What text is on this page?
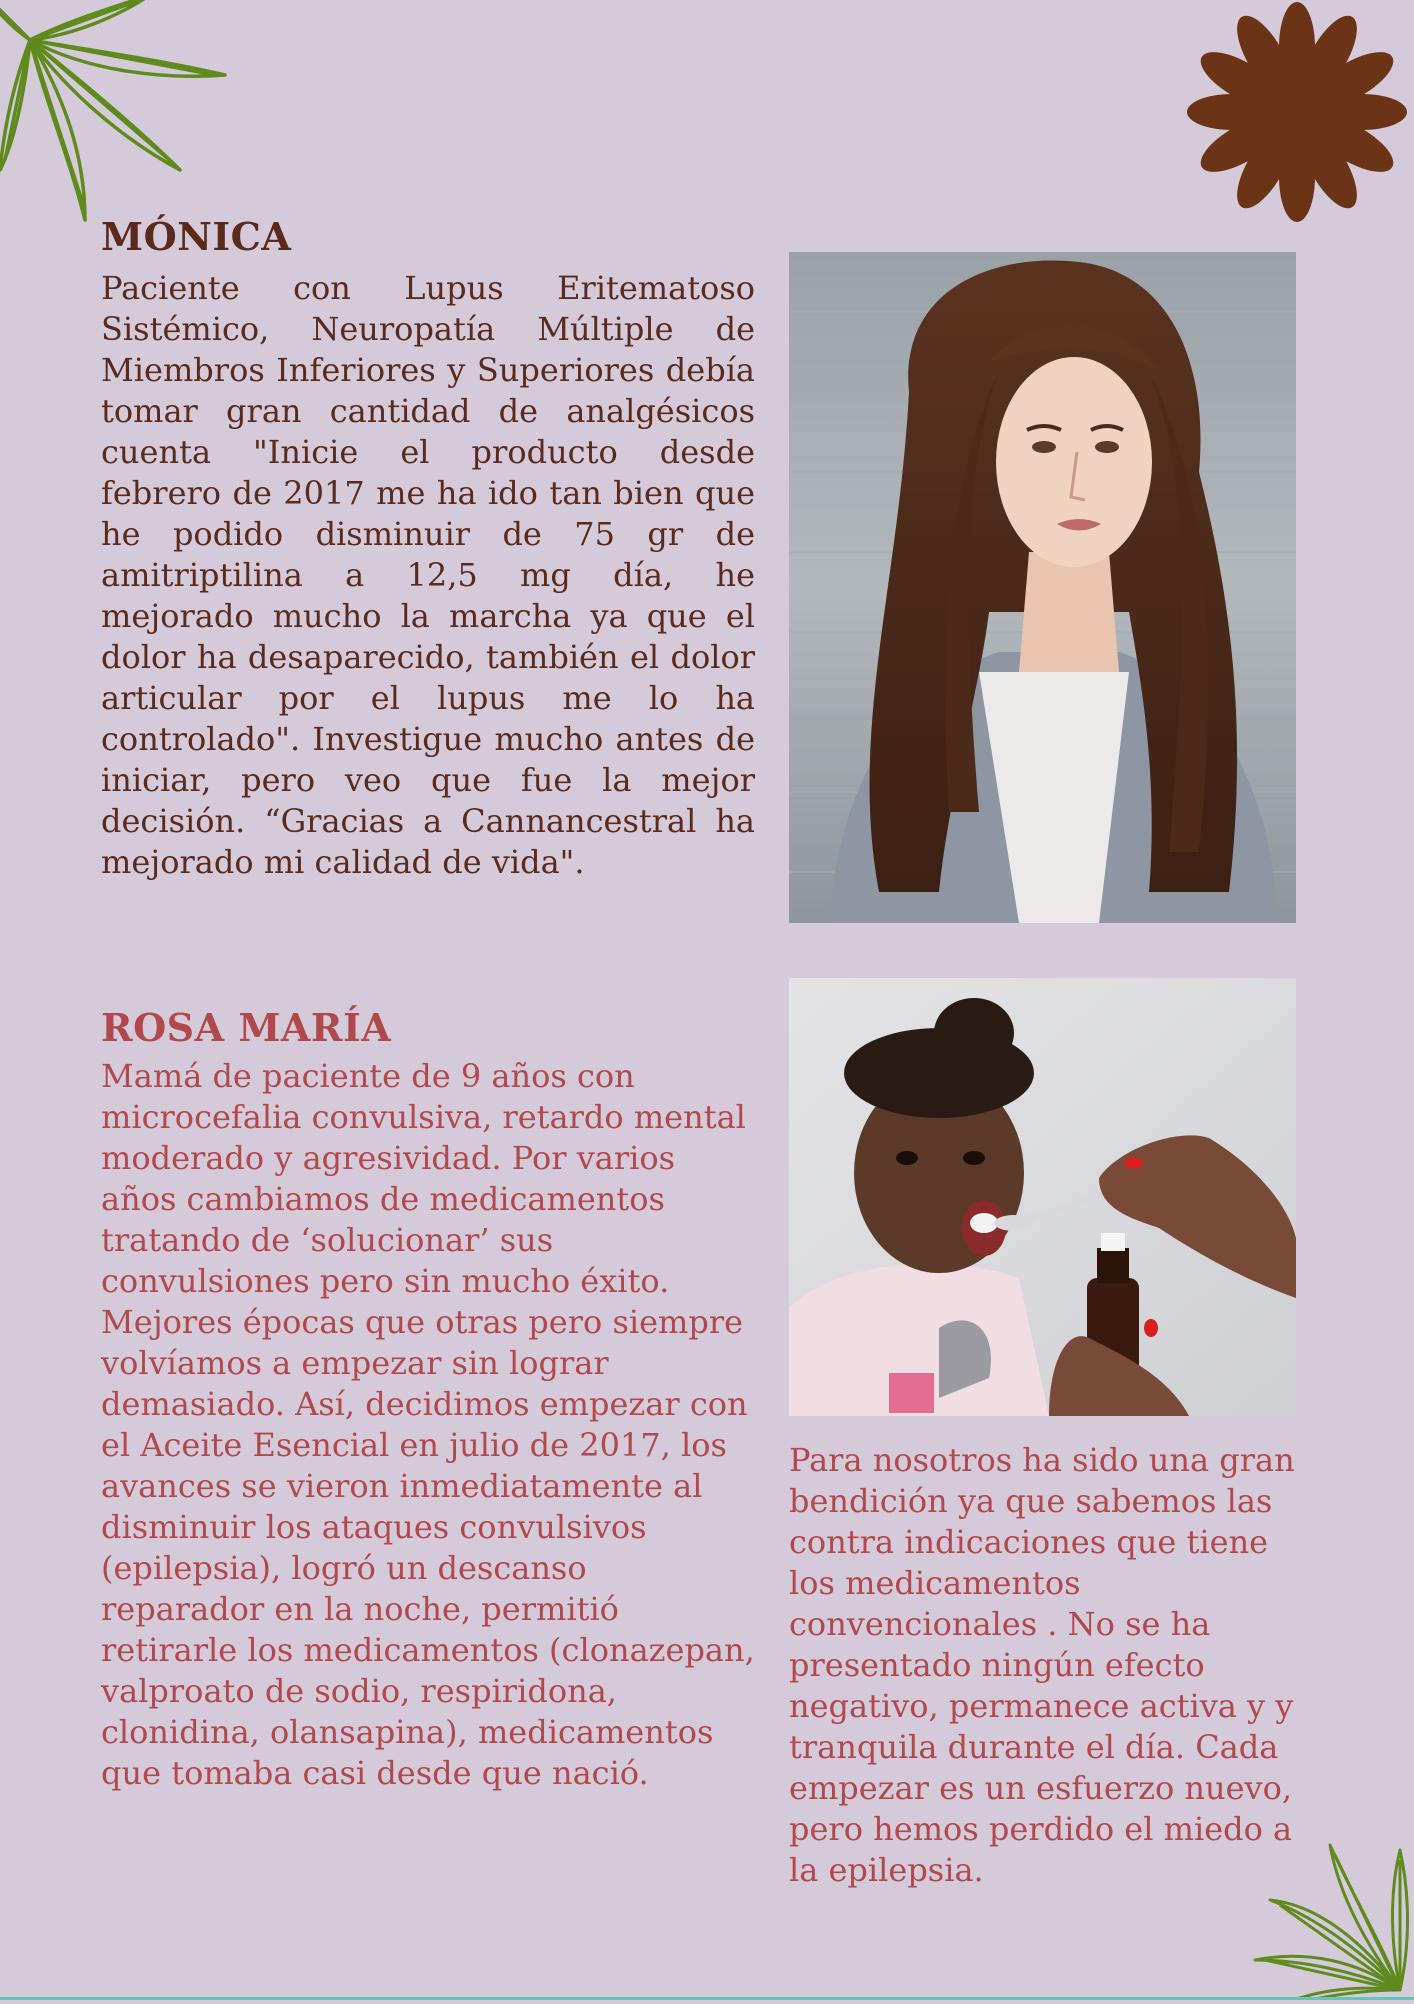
MÓNICA

Paciente con Lupus Eritematoso Sistémico, Neuropatía Múltiple de Miembros Inferiores y Superiores debía tomar gran cantidad de analgésicos cuenta "Inicie el producto desde febrero de 2017 me ha ido tan bien que he podido disminuir de 75 gr de amitriptilina a 12,5 mg día, he mejorado mucho la marcha ya que el dolor ha desaparecido, también el dolor articular por el lupus me lo ha controlado". Investigue mucho antes de iniciar, pero veo que fue la mejor decisión. “Gracias a Cannancestral ha mejorado mi calidad de vida".

ROSA MARÍA

Mamá de paciente de 9 años con microcefalia convulsiva, retardo mental moderado y agresividad. Por varios años cambiamos de medicamentos tratando de ‘solucionar’ sus convulsiones pero sin mucho éxito. Mejores épocas que otras pero siempre volvíamos a empezar sin lograr demasiado. Así, decidimos empezar con el Aceite Esencial en julio de 2017, los avances se vieron inmediatamente al disminuir los ataques convulsivos (epilepsia), logró un descanso reparador en la noche, permitió retirarle los medicamentos (clonazepan, valproato de sodio, respiridona, clonidina, olansapina), medicamentos que tomaba casi desde que nació.

Para nosotros ha sido una gran bendición ya que sabemos las contra indicaciones que tiene los medicamentos convencionales . No se ha presentado ningún efecto negativo, permanece activa y y tranquila durante el día. Cada empezar es un esfuerzo nuevo, pero hemos perdido el miedo a la epilepsia.
